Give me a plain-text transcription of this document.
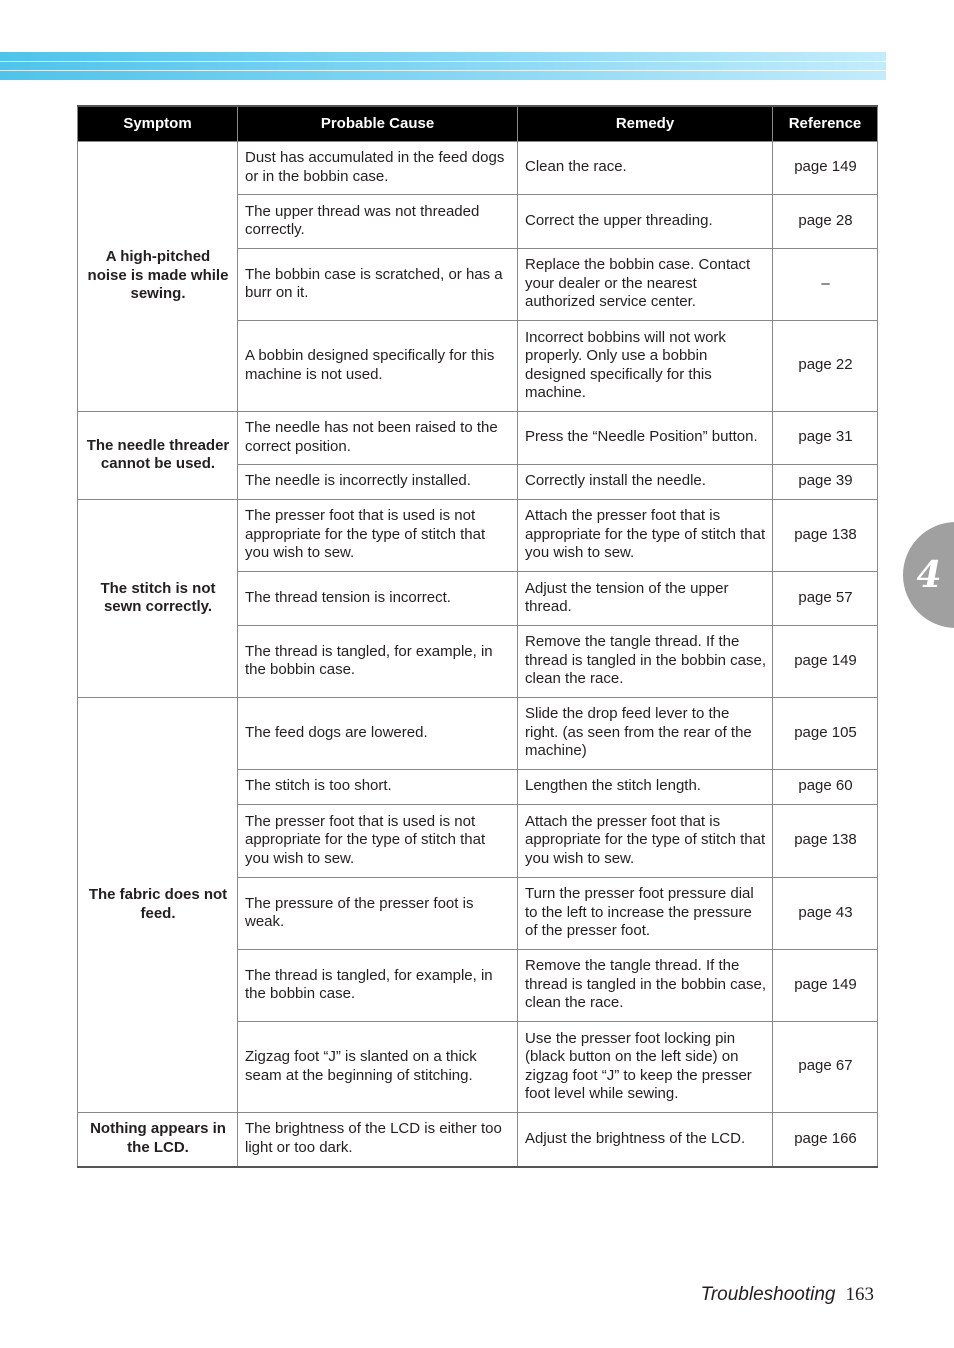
Symptom	Probable Cause	Remedy	Reference
A high-pitched noise is made while sewing.	Dust has accumulated in the feed dogs or in the bobbin case.	Clean the race.	page 149
	The upper thread was not threaded correctly.	Correct the upper threading.	page 28
	The bobbin case is scratched, or has a burr on it.	Replace the bobbin case. Contact your dealer or the nearest authorized service center.	–
	A bobbin designed specifically for this machine is not used.	Incorrect bobbins will not work properly. Only use a bobbin designed specifically for this machine.	page 22
The needle threader cannot be used.	The needle has not been raised to the correct position.	Press the “Needle Position” button.	page 31
	The needle is incorrectly installed.	Correctly install the needle.	page 39
The stitch is not sewn correctly.	The presser foot that is used is not appropriate for the type of stitch that you wish to sew.	Attach the presser foot that is appropriate for the type of stitch that you wish to sew.	page 138
	The thread tension is incorrect.	Adjust the tension of the upper thread.	page 57
	The thread is tangled, for example, in the bobbin case.	Remove the tangle thread. If the thread is tangled in the bobbin case, clean the race.	page 149
The fabric does not feed.	The feed dogs are lowered.	Slide the drop feed lever to the right. (as seen from the rear of the machine)	page 105
	The stitch is too short.	Lengthen the stitch length.	page 60
	The presser foot that is used is not appropriate for the type of stitch that you wish to sew.	Attach the presser foot that is appropriate for the type of stitch that you wish to sew.	page 138
	The pressure of the presser foot is weak.	Turn the presser foot pressure dial to the left to increase the pressure of the presser foot.	page 43
	The thread is tangled, for example, in the bobbin case.	Remove the tangle thread. If the thread is tangled in the bobbin case, clean the race.	page 149
	Zigzag foot “J” is slanted on a thick seam at the beginning of stitching.	Use the presser foot locking pin (black button on the left side) on zigzag foot “J” to keep the presser foot level while sewing.	page 67
Nothing appears in the LCD.	The brightness of the LCD is either too light or too dark.	Adjust the brightness of the LCD.	page 166
4
Troubleshooting 163
